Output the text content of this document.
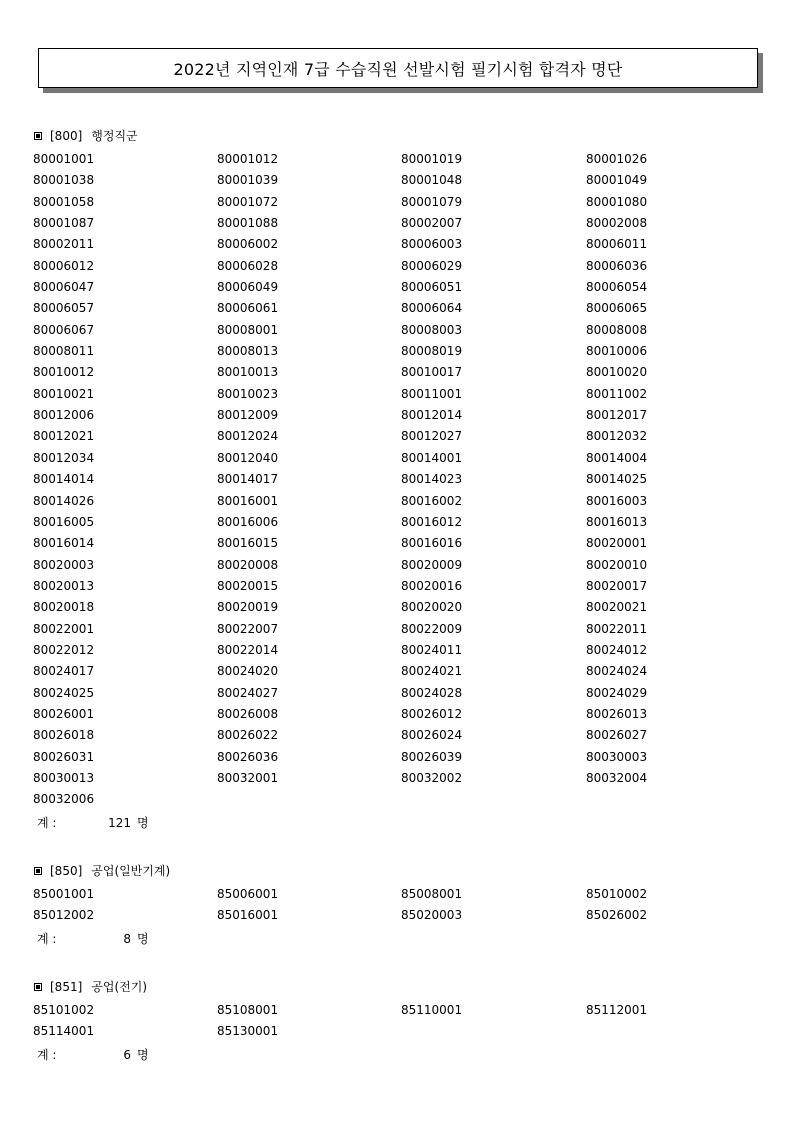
2022년 지역인재 7급 수습직원 선발시험 필기시험 합격자 명단
[800] 행정직군
80001001	80001012	80001019	80001026
80001038	80001039	80001048	80001049
80001058	80001072	80001079	80001080
80001087	80001088	80002007	80002008
80002011	80006002	80006003	80006011
80006012	80006028	80006029	80006036
80006047	80006049	80006051	80006054
80006057	80006061	80006064	80006065
80006067	80008001	80008003	80008008
80008011	80008013	80008019	80010006
80010012	80010013	80010017	80010020
80010021	80010023	80011001	80011002
80012006	80012009	80012014	80012017
80012021	80012024	80012027	80012032
80012034	80012040	80014001	80014004
80014014	80014017	80014023	80014025
80014026	80016001	80016002	80016003
80016005	80016006	80016012	80016013
80016014	80016015	80016016	80020001
80020003	80020008	80020009	80020010
80020013	80020015	80020016	80020017
80020018	80020019	80020020	80020021
80022001	80022007	80022009	80022011
80022012	80022014	80024011	80024012
80024017	80024020	80024021	80024024
80024025	80024027	80024028	80024029
80026001	80026008	80026012	80026013
80026018	80026022	80026024	80026027
80026031	80026036	80026039	80030003
80030013	80032001	80032002	80032004
80032006
계 :	121 명
[850] 공업(일반기계)
85001001	85006001	85008001	85010002
85012002	85016001	85020003	85026002
계 :	8 명
[851] 공업(전기)
85101002	85108001	85110001	85112001
85114001	85130001
계 :	6 명
